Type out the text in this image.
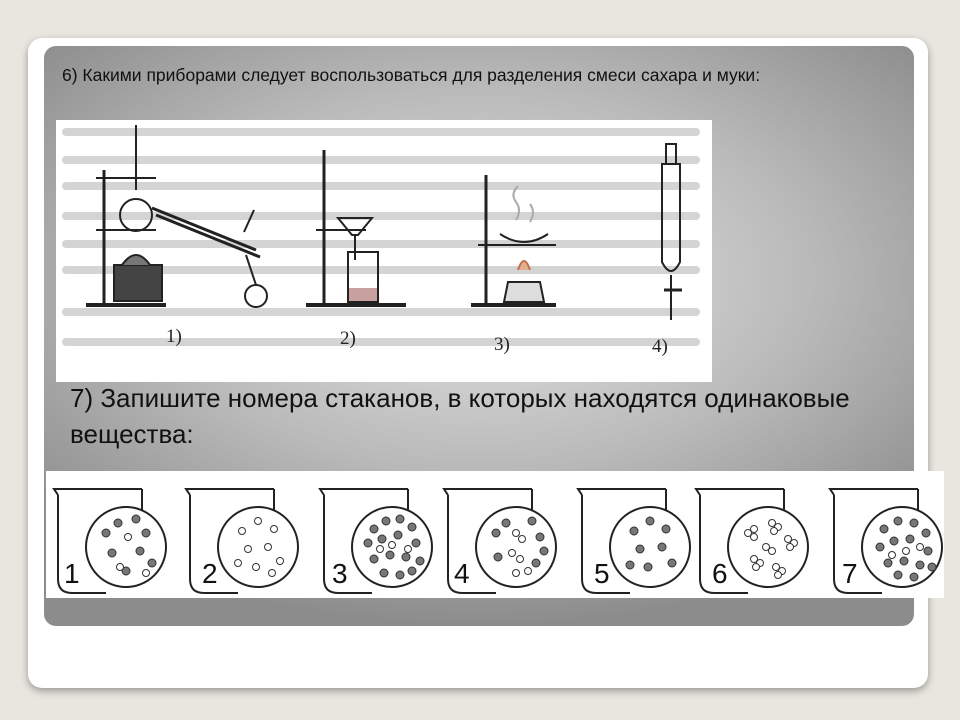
6) Какими приборами следует воспользоваться для разделения смеси сахара и муки:
1)	2)	3)	4)
7) Запишите номера стаканов, в которых находятся одинаковые вещества:
1	2	3	4	5	6	7
